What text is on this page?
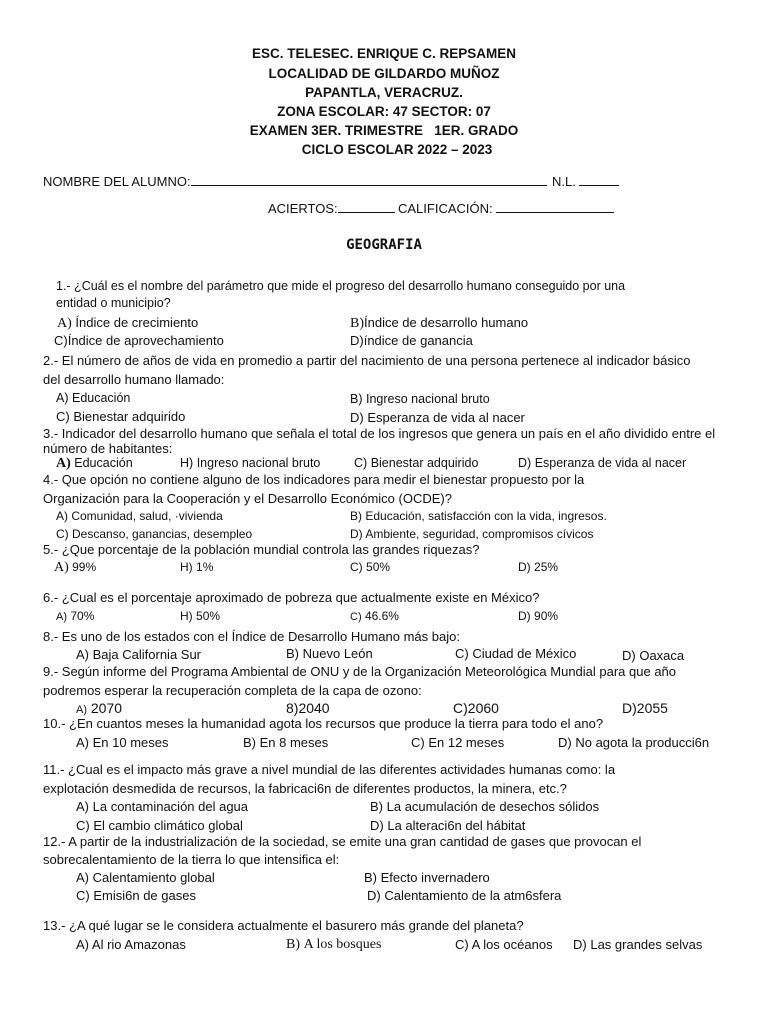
ESC. TELESEC. ENRIQUE C. REPSAMEN
LOCALIDAD DE GILDARDO MUÑOZ
PAPANTLA, VERACRUZ.
ZONA ESCOLAR: 47 SECTOR: 07
EXAMEN 3ER. TRIMESTRE   1ER. GRADO
CICLO ESCOLAR 2022 – 2023
NOMBRE DEL ALUMNO:	N.L.
ACIERTOS:	CALIFICACIÓN:
GEOGRAFIA
1.- ¿Cuál es el nombre del parámetro que mide el progreso del desarrollo humano conseguido por una
entidad o municipio?
A) Índice de crecimiento	B)Índice de desarrollo humano
C)Índice de aprovechamiento	D)índice de ganancia
2.- El número de años de vida en promedio a partir del nacimiento de una persona pertenece al indicador básico
del desarrollo humano llamado:
A) Educación	B) Ingreso nacional bruto
C) Bienestar adquirido	D) Esperanza de vida al nacer
3.- Indicador del desarrollo humano que señala el total de los ingresos que genera un país en el año dividido entre el
número de habitantes:
A) Educación	H) Ingreso nacional bruto	C) Bienestar adquirido	D) Esperanza de vida al nacer
4.- Que opción no contiene alguno de los indicadores para medir el bienestar propuesto por la
Organización para la Cooperación y el Desarrollo Económico (OCDE)?
A) Comunidad, salud, ·vivienda	B) Educación, satisfacción con la vida, ingresos.
C) Descanso, ganancias, desempleo	D) Ambiente, seguridad, compromisos cívicos
5.- ¿Que porcentaje de la población mundial controla las grandes riquezas?
A) 99%	H) 1%	C) 50%	D) 25%
6.- ¿Cual es el porcentaje aproximado de pobreza que actualmente existe en México?
A) 70%	H) 50%	C) 46.6%	D) 90%
8.- Es uno de los estados con el Índice de Desarrollo Humano más bajo:
A) Baja California Sur	B) Nuevo León	C) Ciudad de México	D) Oaxaca
9.- Según informe del Programa Ambiental de ONU y de la Organización Meteorológica Mundial para que año
podremos esperar la recuperación completa de la capa de ozono:
A) 2070	8)2040	C)2060	D)2055
10.- ¿En cuantos meses la humanidad agota los recursos que produce la tierra para todo el ano?
A) En 10 meses	B) En 8 meses	C) En 12 meses	D) No agota la producci6n
11.- ¿Cual es el impacto más grave a nivel mundial de las diferentes actividades humanas como: la
explotación desmedida de recursos, la fabricaci6n de diferentes productos, la minera, etc.?
A) La contaminación del agua	B) La acumulación de desechos sólidos
C) El cambio climático global	D) La alteraci6n del hábitat
12.- A partir de la industrialización de la sociedad, se emite una gran cantidad de gases que provocan el
sobrecalentamiento de la tierra lo que intensifica el:
A) Calentamiento global	B) Efecto invernadero
C) Emisi6n de gases	D) Calentamiento de la atm6sfera
13.- ¿A qué lugar se le considera actualmente el basurero más grande del planeta?
A) Al rio Amazonas	B) A los bosques	C) A los océanos D) Las grandes selvas
